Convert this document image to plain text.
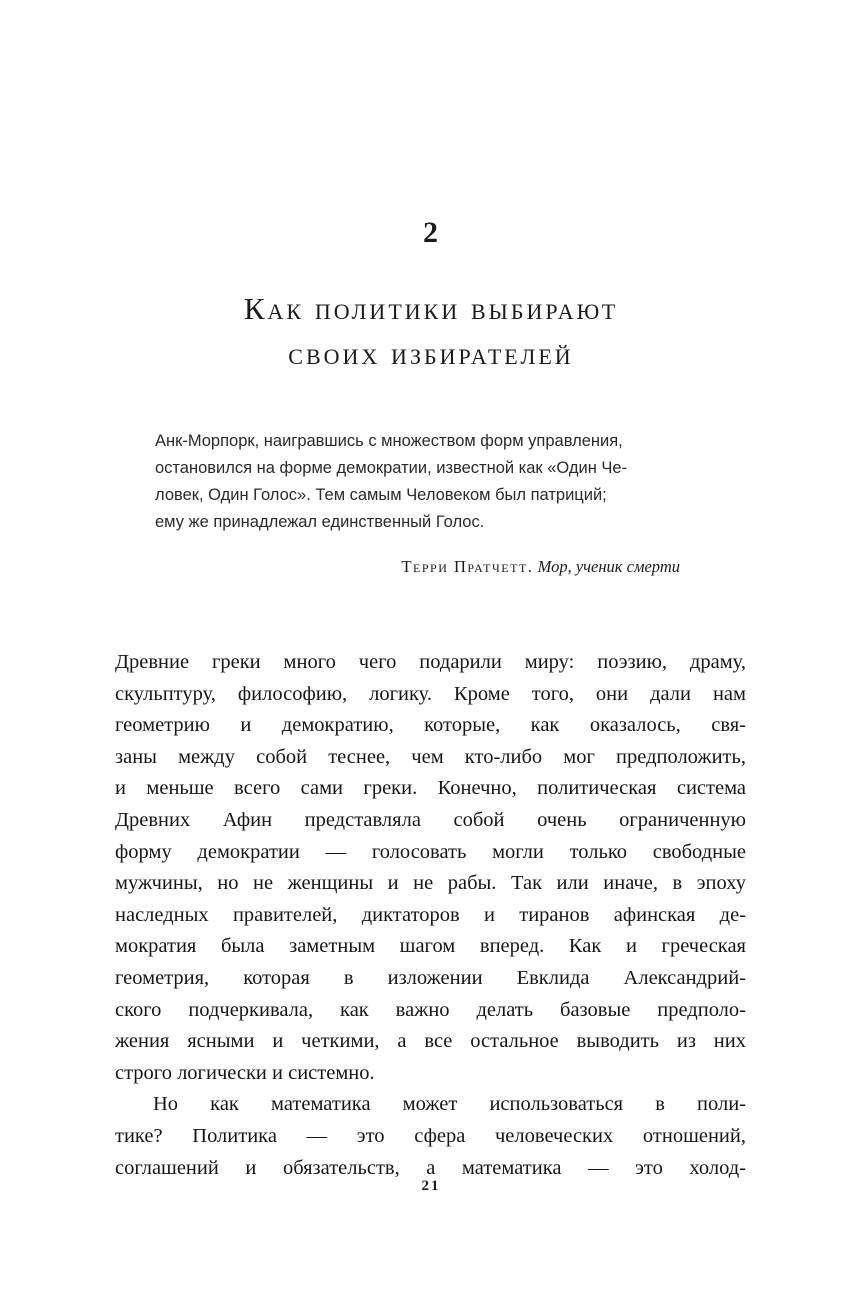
2
Как политики выбирают
своих избирателей
Анк-Морпорк, наигравшись с множеством форм управления,
остановился на форме демократии, известной как «Один Че-
ловек, Один Голос». Тем самым Человеком был патриций;
ему же принадлежал единственный Голос.
Терри Пратчетт. Мор, ученик смерти
Древние греки много чего подарили миру: поэзию, драму,
скульптуру, философию, логику. Кроме того, они дали нам
геометрию и демократию, которые, как оказалось, свя-
заны между собой теснее, чем кто-либо мог предположить,
и меньше всего сами греки. Конечно, политическая система
Древних Афин представляла собой очень ограниченную
форму демократии — голосовать могли только свободные
мужчины, но не женщины и не рабы. Так или иначе, в эпоху
наследных правителей, диктаторов и тиранов афинская де-
мократия была заметным шагом вперед. Как и греческая
геометрия, которая в изложении Евклида Александрий-
ского подчеркивала, как важно делать базовые предполо-
жения ясными и четкими, а все остальное выводить из них
строго логически и системно.
Но как математика может использоваться в поли-
тике? Политика — это сфера человеческих отношений,
соглашений и обязательств, а математика — это холод-
21
